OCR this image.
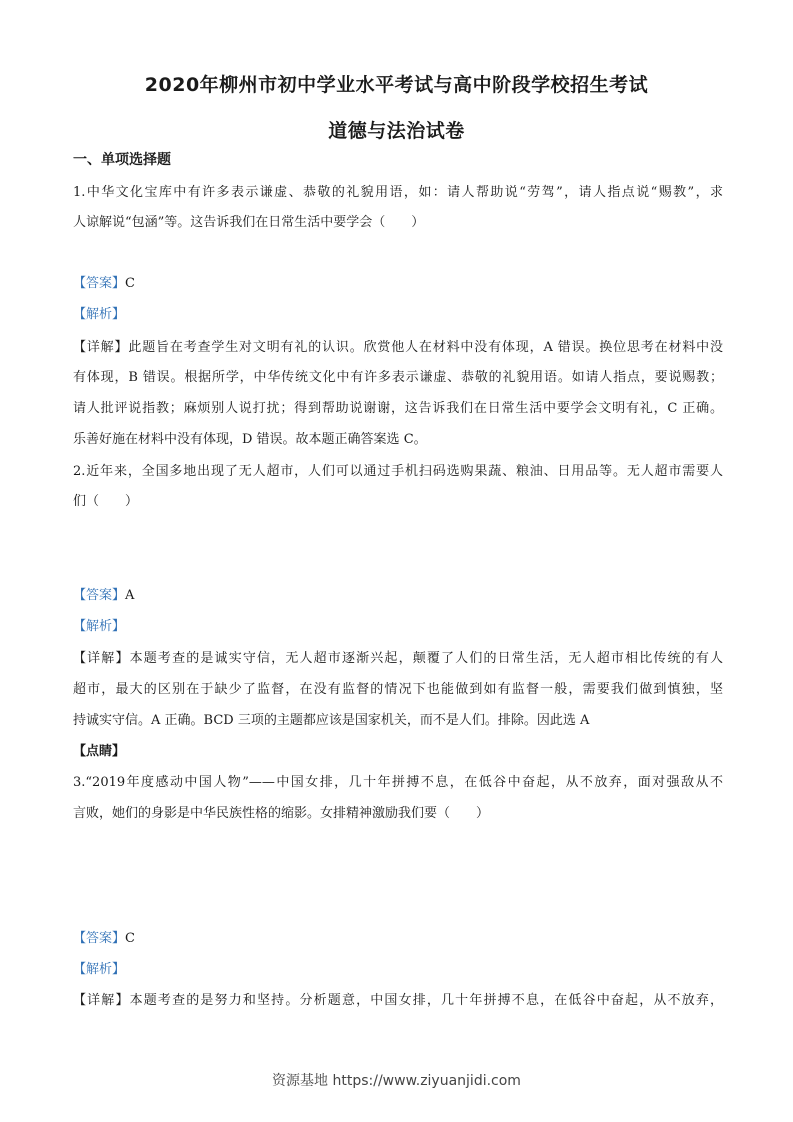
2020年柳州市初中学业水平考试与高中阶段学校招生考试
道德与法治试卷
一、单项选择题
1.中华文化宝库中有许多表示谦虚、恭敬的礼貌用语，如：请人帮助说“劳驾”，请人指点说“赐教”，求
人谅解说“包涵”等。这告诉我们在日常生活中要学会（　　）
【答案】C
【解析】
【详解】此题旨在考查学生对文明有礼的认识。欣赏他人在材料中没有体现，A 错误。换位思考在材料中没
有体现，B 错误。根据所学，中华传统文化中有许多表示谦虚、恭敬的礼貌用语。如请人指点，要说赐教；
请人批评说指教；麻烦别人说打扰；得到帮助说谢谢，这告诉我们在日常生活中要学会文明有礼，C 正确。
乐善好施在材料中没有体现，D 错误。故本题正确答案选 C。
2.近年来，全国多地出现了无人超市，人们可以通过手机扫码选购果蔬、粮油、日用品等。无人超市需要人
们（　　）
【答案】A
【解析】
【详解】本题考查的是诚实守信，无人超市逐渐兴起，颠覆了人们的日常生活，无人超市相比传统的有人
超市，最大的区别在于缺少了监督，在没有监督的情况下也能做到如有监督一般，需要我们做到慎独，坚
持诚实守信。A 正确。BCD 三项的主题都应该是国家机关，而不是人们。排除。因此选 A
【点睛】
3.“2019年度感动中国人物”——中国女排，几十年拼搏不息，在低谷中奋起，从不放弃，面对强敌从不
言败，她们的身影是中华民族性格的缩影。女排精神激励我们要（　　）
【答案】C
【解析】
【详解】本题考查的是努力和坚持。分析题意，中国女排，几十年拼搏不息，在低谷中奋起，从不放弃，
资源基地 https://www.ziyuanjidi.com
